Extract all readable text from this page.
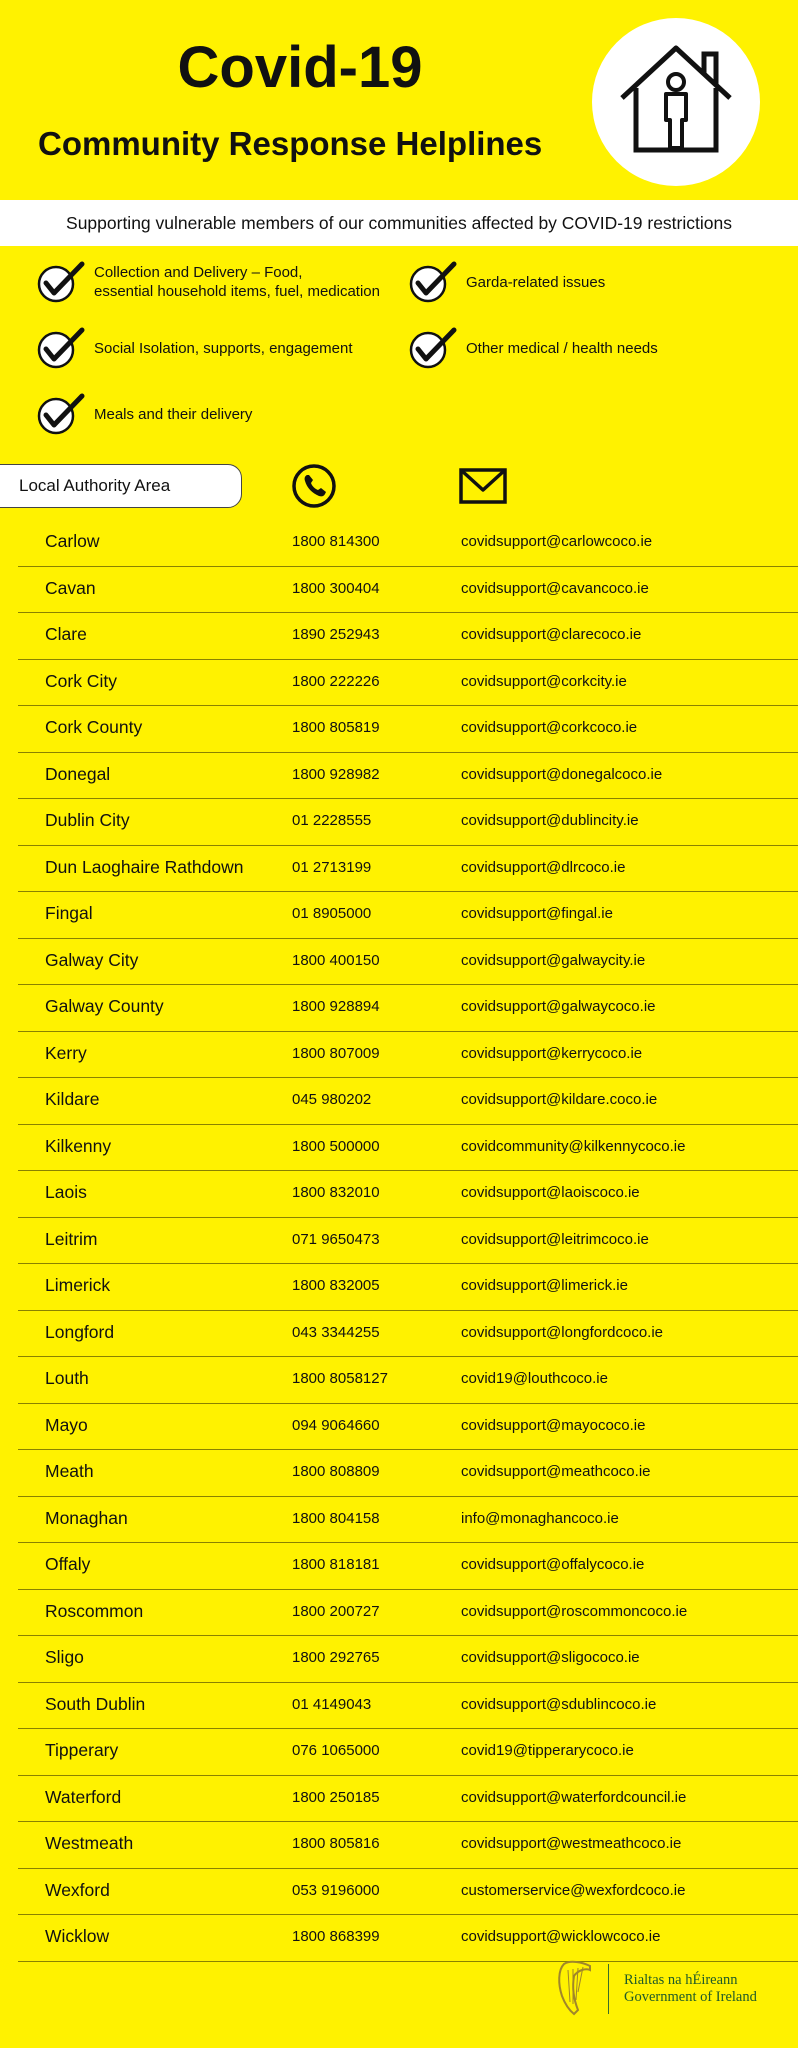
Covid-19
Community Response Helplines
Supporting vulnerable members of our communities affected by COVID-19 restrictions
Collection and Delivery – Food,
essential household items, fuel, medication
Garda-related issues
Social Isolation, supports, engagement	Other medical / health needs
Meals and their delivery
Local Authority Area
Carlow	1800 814300	covidsupport@carlowcoco.ie
Cavan	1800 300404	covidsupport@cavancoco.ie
Clare	1890 252943	covidsupport@clarecoco.ie
Cork City	1800 222226	covidsupport@corkcity.ie
Cork County	1800 805819	covidsupport@corkcoco.ie
Donegal	1800 928982	covidsupport@donegalcoco.ie
Dublin City	01 2228555	covidsupport@dublincity.ie
Dun Laoghaire Rathdown	01 2713199	covidsupport@dlrcoco.ie
Fingal	01 8905000	covidsupport@fingal.ie
Galway City	1800 400150	covidsupport@galwaycity.ie
Galway County	1800 928894	covidsupport@galwaycoco.ie
Kerry	1800 807009	covidsupport@kerrycoco.ie
Kildare	045 980202	covidsupport@kildare.coco.ie
Kilkenny	1800 500000	covidcommunity@kilkennycoco.ie
Laois	1800 832010	covidsupport@laoiscoco.ie
Leitrim	071 9650473	covidsupport@leitrimcoco.ie
Limerick	1800 832005	covidsupport@limerick.ie
Longford	043 3344255	covidsupport@longfordcoco.ie
Louth	1800 8058127	covid19@louthcoco.ie
Mayo	094 9064660	covidsupport@mayococo.ie
Meath	1800 808809	covidsupport@meathcoco.ie
Monaghan	1800 804158	info@monaghancoco.ie
Offaly	1800 818181	covidsupport@offalycoco.ie
Roscommon	1800 200727	covidsupport@roscommoncoco.ie
Sligo	1800 292765	covidsupport@sligococo.ie
South Dublin	01 4149043	covidsupport@sdublincoco.ie
Tipperary	076 1065000	covid19@tipperarycoco.ie
Waterford	1800 250185	covidsupport@waterfordcouncil.ie
Westmeath	1800 805816	covidsupport@westmeathcoco.ie
Wexford	053 9196000	customerservice@wexfordcoco.ie
Wicklow	1800 868399	covidsupport@wicklowcoco.ie
Rialtas na hÉireann
Government of Ireland
